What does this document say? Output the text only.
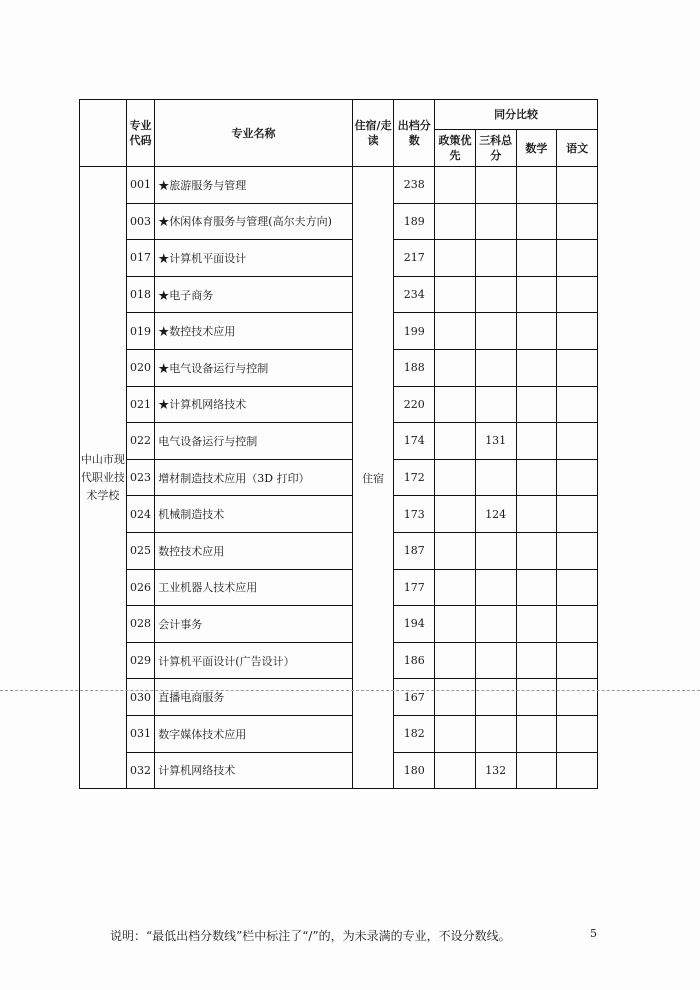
	专业代码	专业名称	住宿/走读	出档分数	同分比较			
					政策优先	三科总分	数学	语文
中山市现代职业技术学校	001	★旅游服务与管理	住宿	238				
	003	★休闲体育服务与管理(高尔夫方向)		189				
	017	★计算机平面设计		217				
	018	★电子商务		234				
	019	★数控技术应用		199				
	020	★电气设备运行与控制		188				
	021	★计算机网络技术		220				
	022	电气设备运行与控制		174		131		
	023	增材制造技术应用（3D 打印）		172				
	024	机械制造技术		173		124		
	025	数控技术应用		187				
	026	工业机器人技术应用		177				
	028	会计事务		194				
	029	计算机平面设计(广告设计）		186				
	030	直播电商服务		167				
	031	数字媒体技术应用		182				
	032	计算机网络技术		180		132		
说明：“最低出档分数线”栏中标注了“/”的，为未录满的专业，不设分数线。	5
